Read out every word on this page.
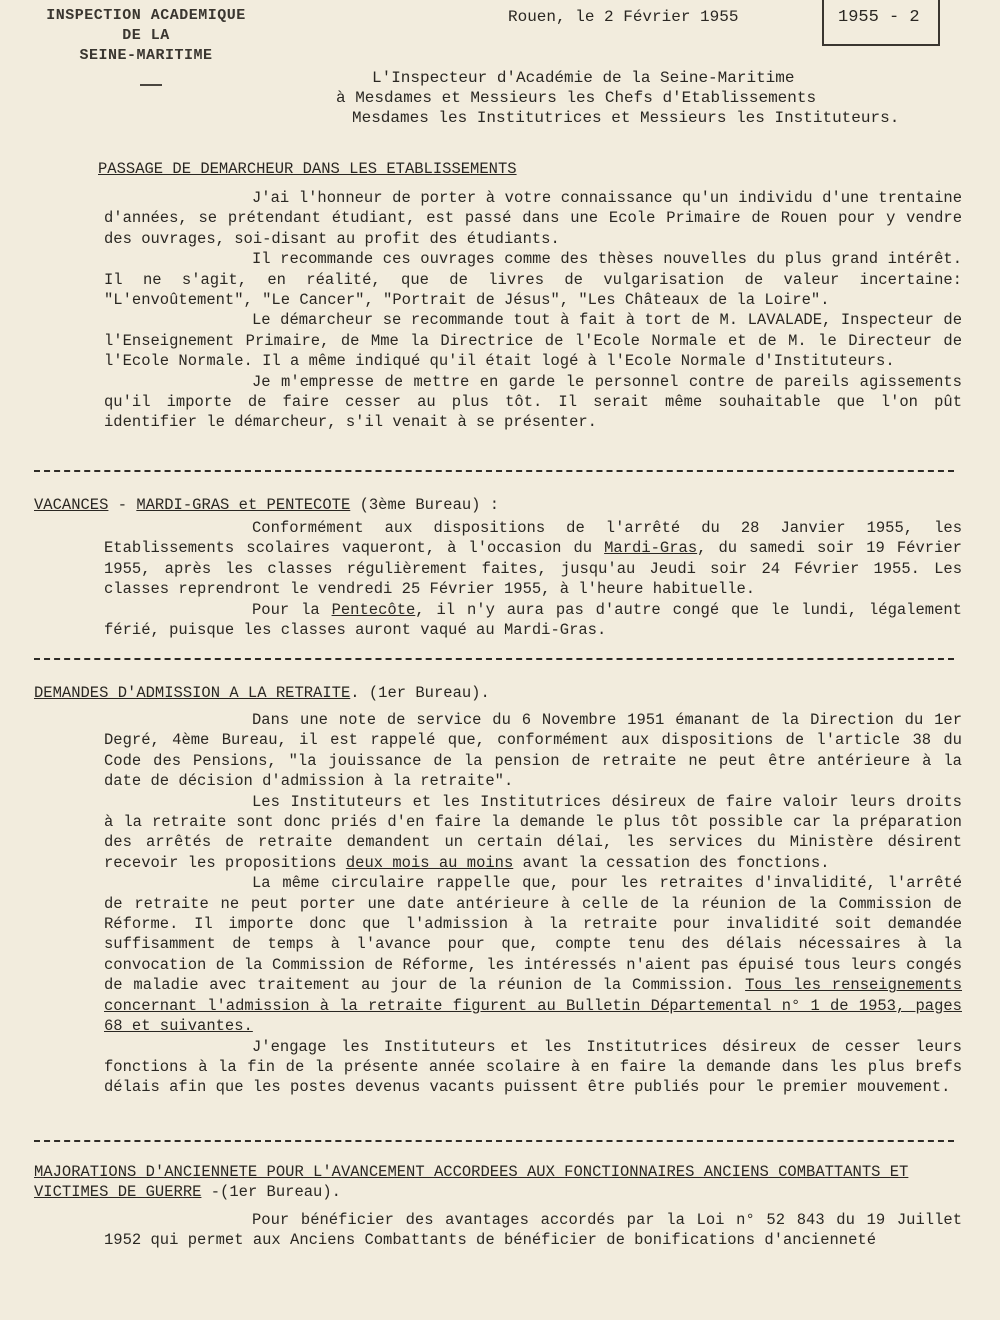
INSPECTION ACADEMIQUE
DE LA
SEINE-MARITIME
Rouen, le 2 Février 1955	1955 - 2
L'Inspecteur d'Académie de la Seine-Maritime
à Mesdames et Messieurs les Chefs d'Etablissements
Mesdames les Institutrices et Messieurs les Instituteurs.
PASSAGE DE DEMARCHEUR DANS LES ETABLISSEMENTS

J'ai l'honneur de porter à votre connaissance qu'un individu d'une trentaine d'années, se prétendant étudiant, est passé dans une Ecole Primaire de Rouen pour y vendre des ouvrages, soi-disant au profit des étudiants.

Il recommande ces ouvrages comme des thèses nouvelles du plus grand intérêt. Il ne s'agit, en réalité, que de livres de vulgarisation de valeur incertaine: "L'envoûtement", "Le Cancer", "Portrait de Jésus", "Les Châteaux de la Loire".

Le démarcheur se recommande tout à fait à tort de M. LAVALADE, Inspecteur de l'Enseignement Primaire, de Mme la Directrice de l'Ecole Normale et de M. le Directeur de l'Ecole Normale. Il a même indiqué qu'il était logé à l'Ecole Normale d'Instituteurs.

Je m'empresse de mettre en garde le personnel contre de pareils agissements qu'il importe de faire cesser au plus tôt. Il serait même souhaitable que l'on pût identifier le démarcheur, s'il venait à se présenter.

VACANCES - MARDI-GRAS et PENTECOTE (3ème Bureau) :

Conformément aux dispositions de l'arrêté du 28 Janvier 1955, les Etablissements scolaires vaqueront, à l'occasion du Mardi-Gras, du samedi soir 19 Février 1955, après les classes régulièrement faites, jusqu'au Jeudi soir 24 Février 1955. Les classes reprendront le vendredi 25 Février 1955, à l'heure habituelle.

Pour la Pentecôte, il n'y aura pas d'autre congé que le lundi, légalement férié, puisque les classes auront vaqué au Mardi-Gras.

DEMANDES D'ADMISSION A LA RETRAITE. (1er Bureau).

Dans une note de service du 6 Novembre 1951 émanant de la Direction du 1er Degré, 4ème Bureau, il est rappelé que, conformément aux dispositions de l'article 38 du Code des Pensions, "la jouissance de la pension de retraite ne peut être antérieure à la date de décision d'admission à la retraite".

Les Instituteurs et les Institutrices désireux de faire valoir leurs droits à la retraite sont donc priés d'en faire la demande le plus tôt possible car la préparation des arrêtés de retraite demandent un certain délai, les services du Ministère désirent recevoir les propositions deux mois au moins avant la cessation des fonctions.

La même circulaire rappelle que, pour les retraites d'invalidité, l'arrêté de retraite ne peut porter une date antérieure à celle de la réunion de la Commission de Réforme. Il importe donc que l'admission à la retraite pour invalidité soit demandée suffisamment de temps à l'avance pour que, compte tenu des délais nécessaires à la convocation de la Commission de Réforme, les intéressés n'aient pas épuisé tous leurs congés de maladie avec traitement au jour de la réunion de la Commission. Tous les renseignements concernant l'admission à la retraite figurent au Bulletin Départemental n° 1 de 1953, pages 68 et suivantes.

J'engage les Instituteurs et les Institutrices désireux de cesser leurs fonctions à la fin de la présente année scolaire à en faire la demande dans les plus brefs délais afin que les postes devenus vacants puissent être publiés pour le premier mouvement.

MAJORATIONS D'ANCIENNETE POUR L'AVANCEMENT ACCORDEES AUX FONCTIONNAIRES ANCIENS COMBATTANTS ET VICTIMES DE GUERRE -(1er Bureau).

Pour bénéficier des avantages accordés par la Loi n° 52 843 du 19 Juillet 1952 qui permet aux Anciens Combattants de bénéficier de bonifications d'ancienneté
